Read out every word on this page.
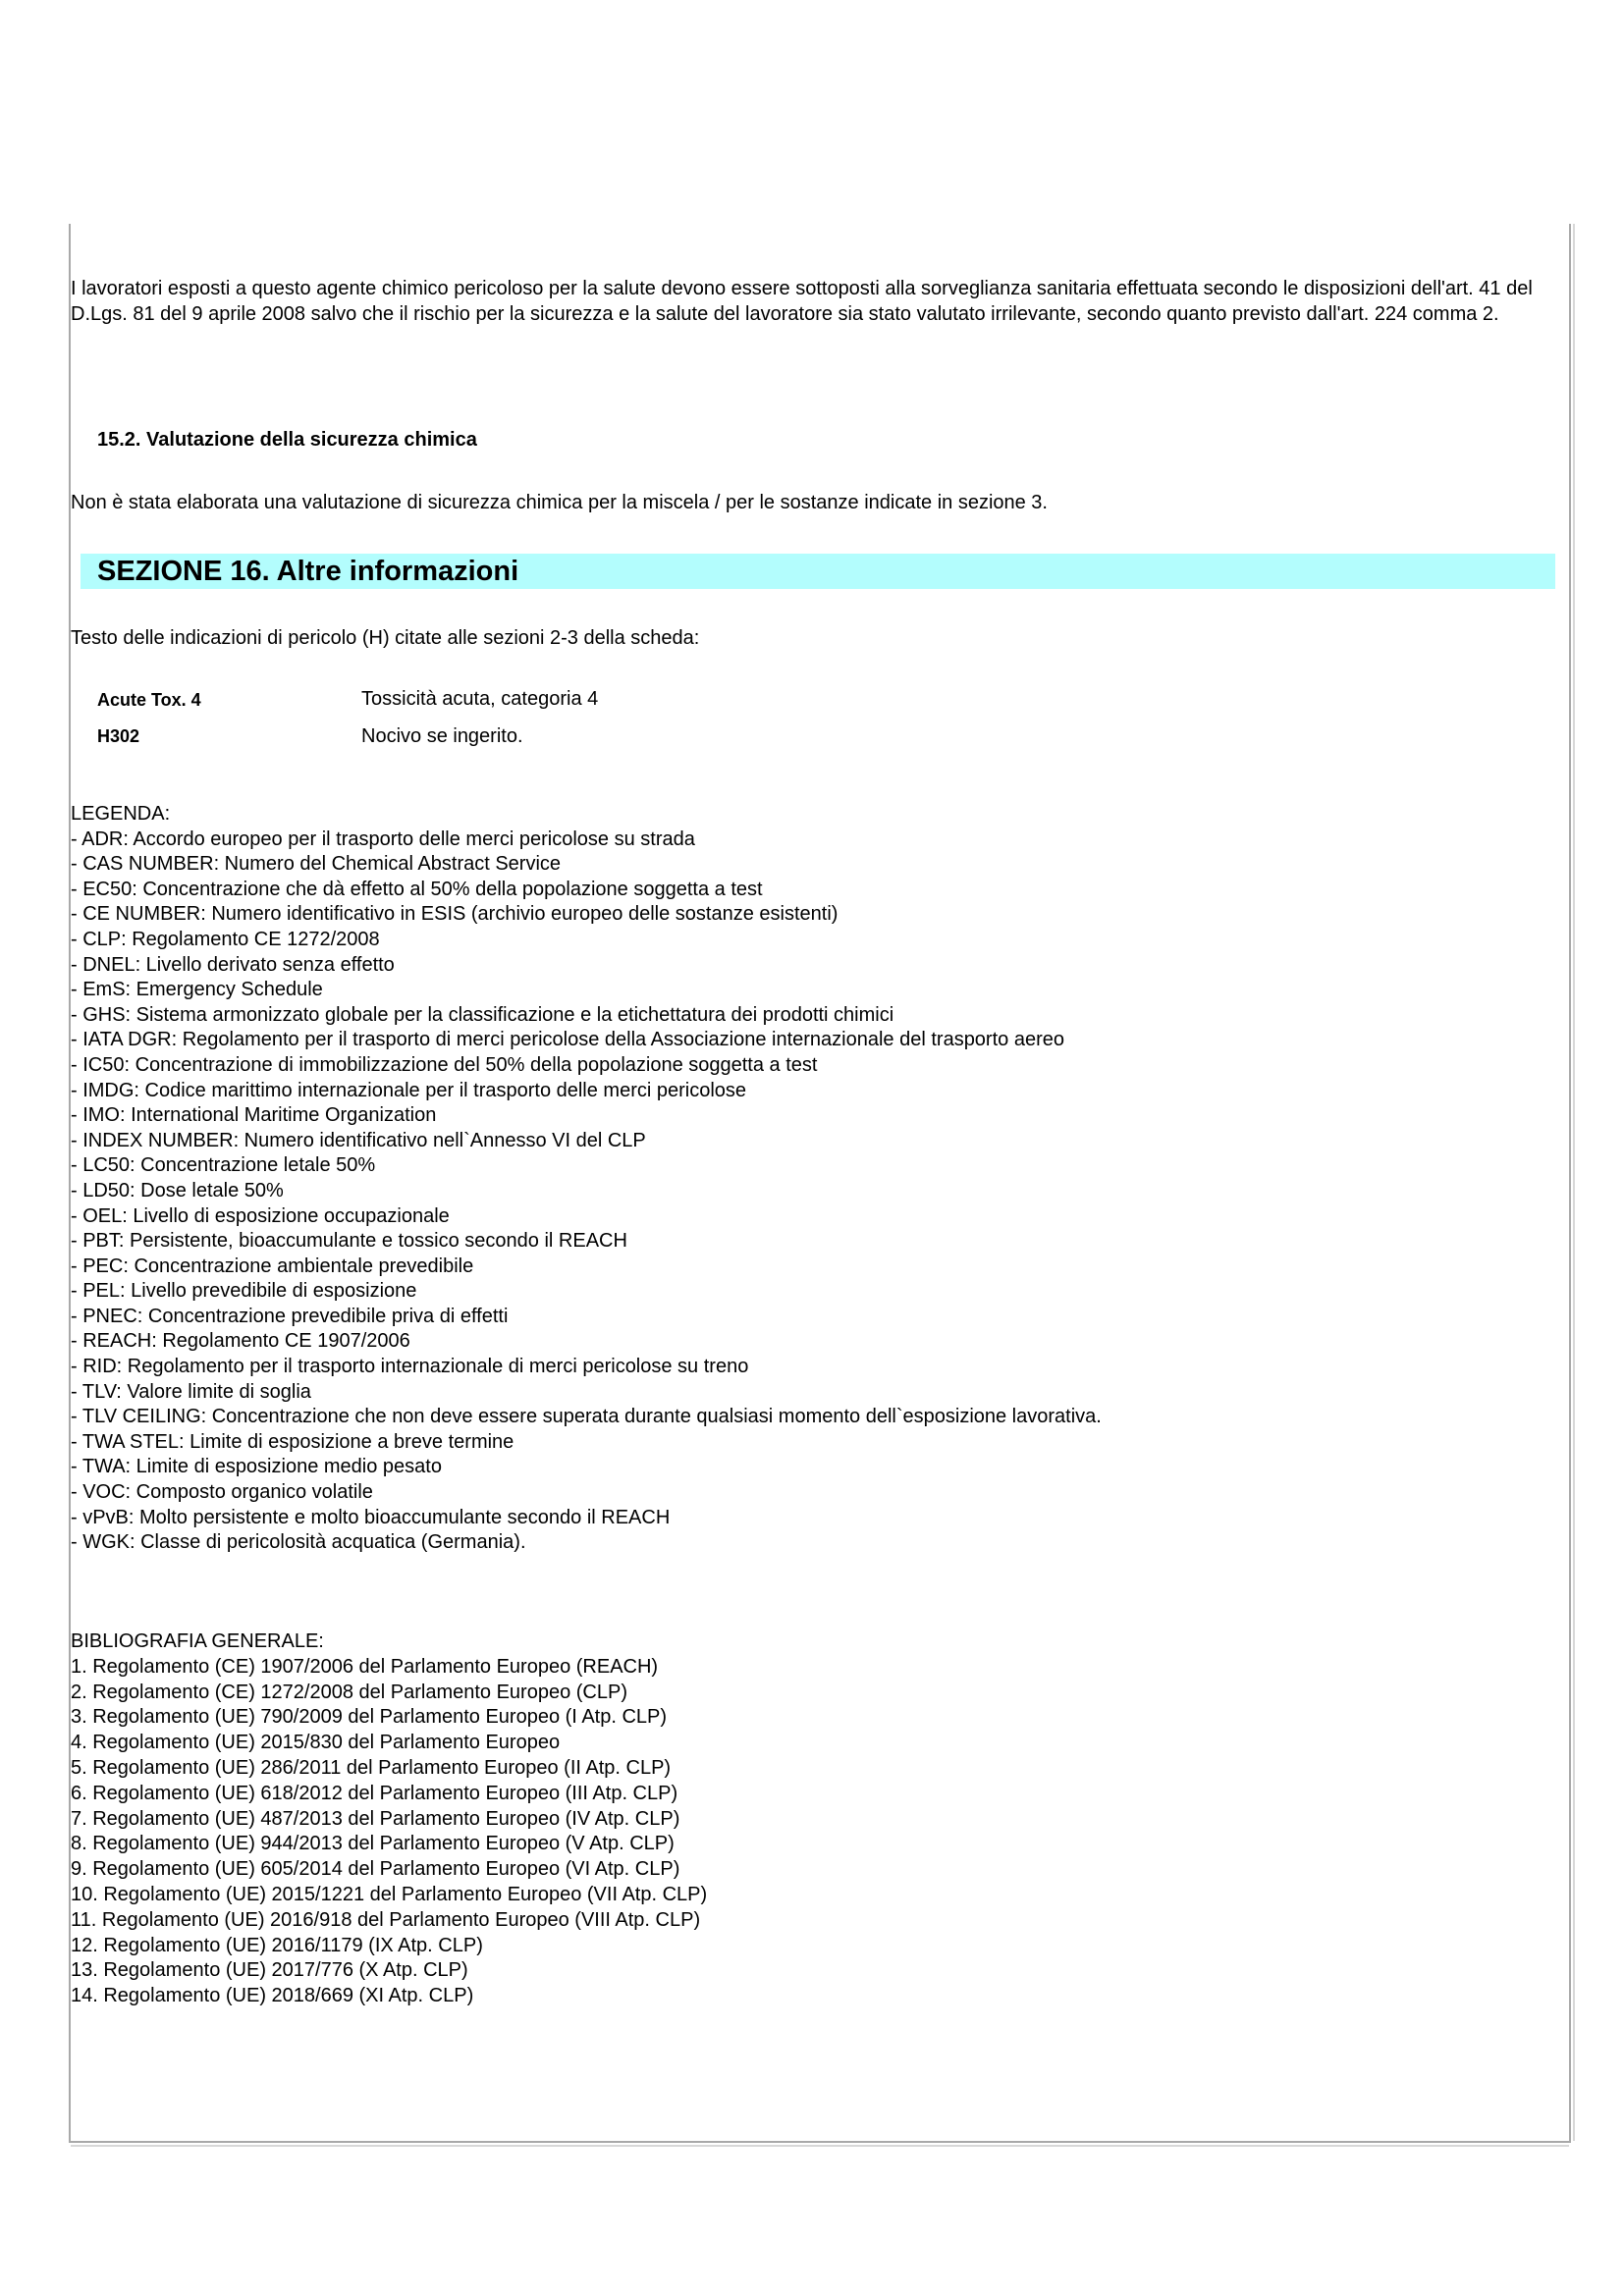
I lavoratori esposti a questo agente chimico pericoloso per la salute devono essere sottoposti alla sorveglianza sanitaria effettuata secondo le disposizioni dell'art. 41 del D.Lgs. 81 del 9 aprile 2008 salvo che il rischio per la sicurezza e la salute del lavoratore sia stato valutato irrilevante, secondo quanto previsto dall'art. 224 comma 2.
15.2. Valutazione della sicurezza chimica
Non è stata elaborata una valutazione di sicurezza chimica per la miscela / per le sostanze indicate in sezione 3.
SEZIONE 16. Altre informazioni
Testo delle indicazioni di pericolo (H) citate alle sezioni 2-3 della scheda:
Acute Tox. 4	Tossicità acuta, categoria 4
H302	Nocivo se ingerito.
LEGENDA:
- ADR: Accordo europeo per il trasporto delle merci pericolose su strada
- CAS NUMBER: Numero del Chemical Abstract Service
- EC50: Concentrazione che dà effetto al 50% della popolazione soggetta a test
- CE NUMBER: Numero identificativo in ESIS (archivio europeo delle sostanze esistenti)
- CLP: Regolamento CE 1272/2008
- DNEL: Livello derivato senza effetto
- EmS: Emergency Schedule
- GHS: Sistema armonizzato globale per la classificazione e la etichettatura dei prodotti chimici
- IATA DGR: Regolamento per il trasporto di merci pericolose della Associazione internazionale del trasporto aereo
- IC50: Concentrazione di immobilizzazione del 50% della popolazione soggetta a test
- IMDG: Codice marittimo internazionale per il trasporto delle merci pericolose
- IMO: International Maritime Organization
- INDEX NUMBER: Numero identificativo nell`Annesso VI del CLP
- LC50: Concentrazione letale 50%
- LD50: Dose letale 50%
- OEL: Livello di esposizione occupazionale
- PBT: Persistente, bioaccumulante e tossico secondo il REACH
- PEC: Concentrazione ambientale prevedibile
- PEL: Livello prevedibile di esposizione
- PNEC: Concentrazione prevedibile priva di effetti
- REACH: Regolamento CE 1907/2006
- RID: Regolamento per il trasporto internazionale di merci pericolose su treno
- TLV: Valore limite di soglia
- TLV CEILING: Concentrazione che non deve essere superata durante qualsiasi momento dell`esposizione lavorativa.
- TWA STEL: Limite di esposizione a breve termine
- TWA: Limite di esposizione medio pesato
- VOC: Composto organico volatile
- vPvB: Molto persistente e molto bioaccumulante secondo il REACH
- WGK: Classe di pericolosità acquatica (Germania).
BIBLIOGRAFIA GENERALE:
1. Regolamento (CE) 1907/2006 del Parlamento Europeo (REACH)
2. Regolamento (CE) 1272/2008 del Parlamento Europeo (CLP)
3. Regolamento (UE) 790/2009 del Parlamento Europeo (I Atp. CLP)
4. Regolamento (UE) 2015/830 del Parlamento Europeo
5. Regolamento (UE) 286/2011 del Parlamento Europeo (II Atp. CLP)
6. Regolamento (UE) 618/2012 del Parlamento Europeo (III Atp. CLP)
7. Regolamento (UE) 487/2013 del Parlamento Europeo (IV Atp. CLP)
8. Regolamento (UE) 944/2013 del Parlamento Europeo (V Atp. CLP)
9. Regolamento (UE) 605/2014 del Parlamento Europeo (VI Atp. CLP)
10. Regolamento (UE) 2015/1221 del Parlamento Europeo (VII Atp. CLP)
11. Regolamento (UE) 2016/918 del Parlamento Europeo (VIII Atp. CLP)
12. Regolamento (UE) 2016/1179 (IX Atp. CLP)
13. Regolamento (UE) 2017/776 (X Atp. CLP)
14. Regolamento (UE) 2018/669 (XI Atp. CLP)
